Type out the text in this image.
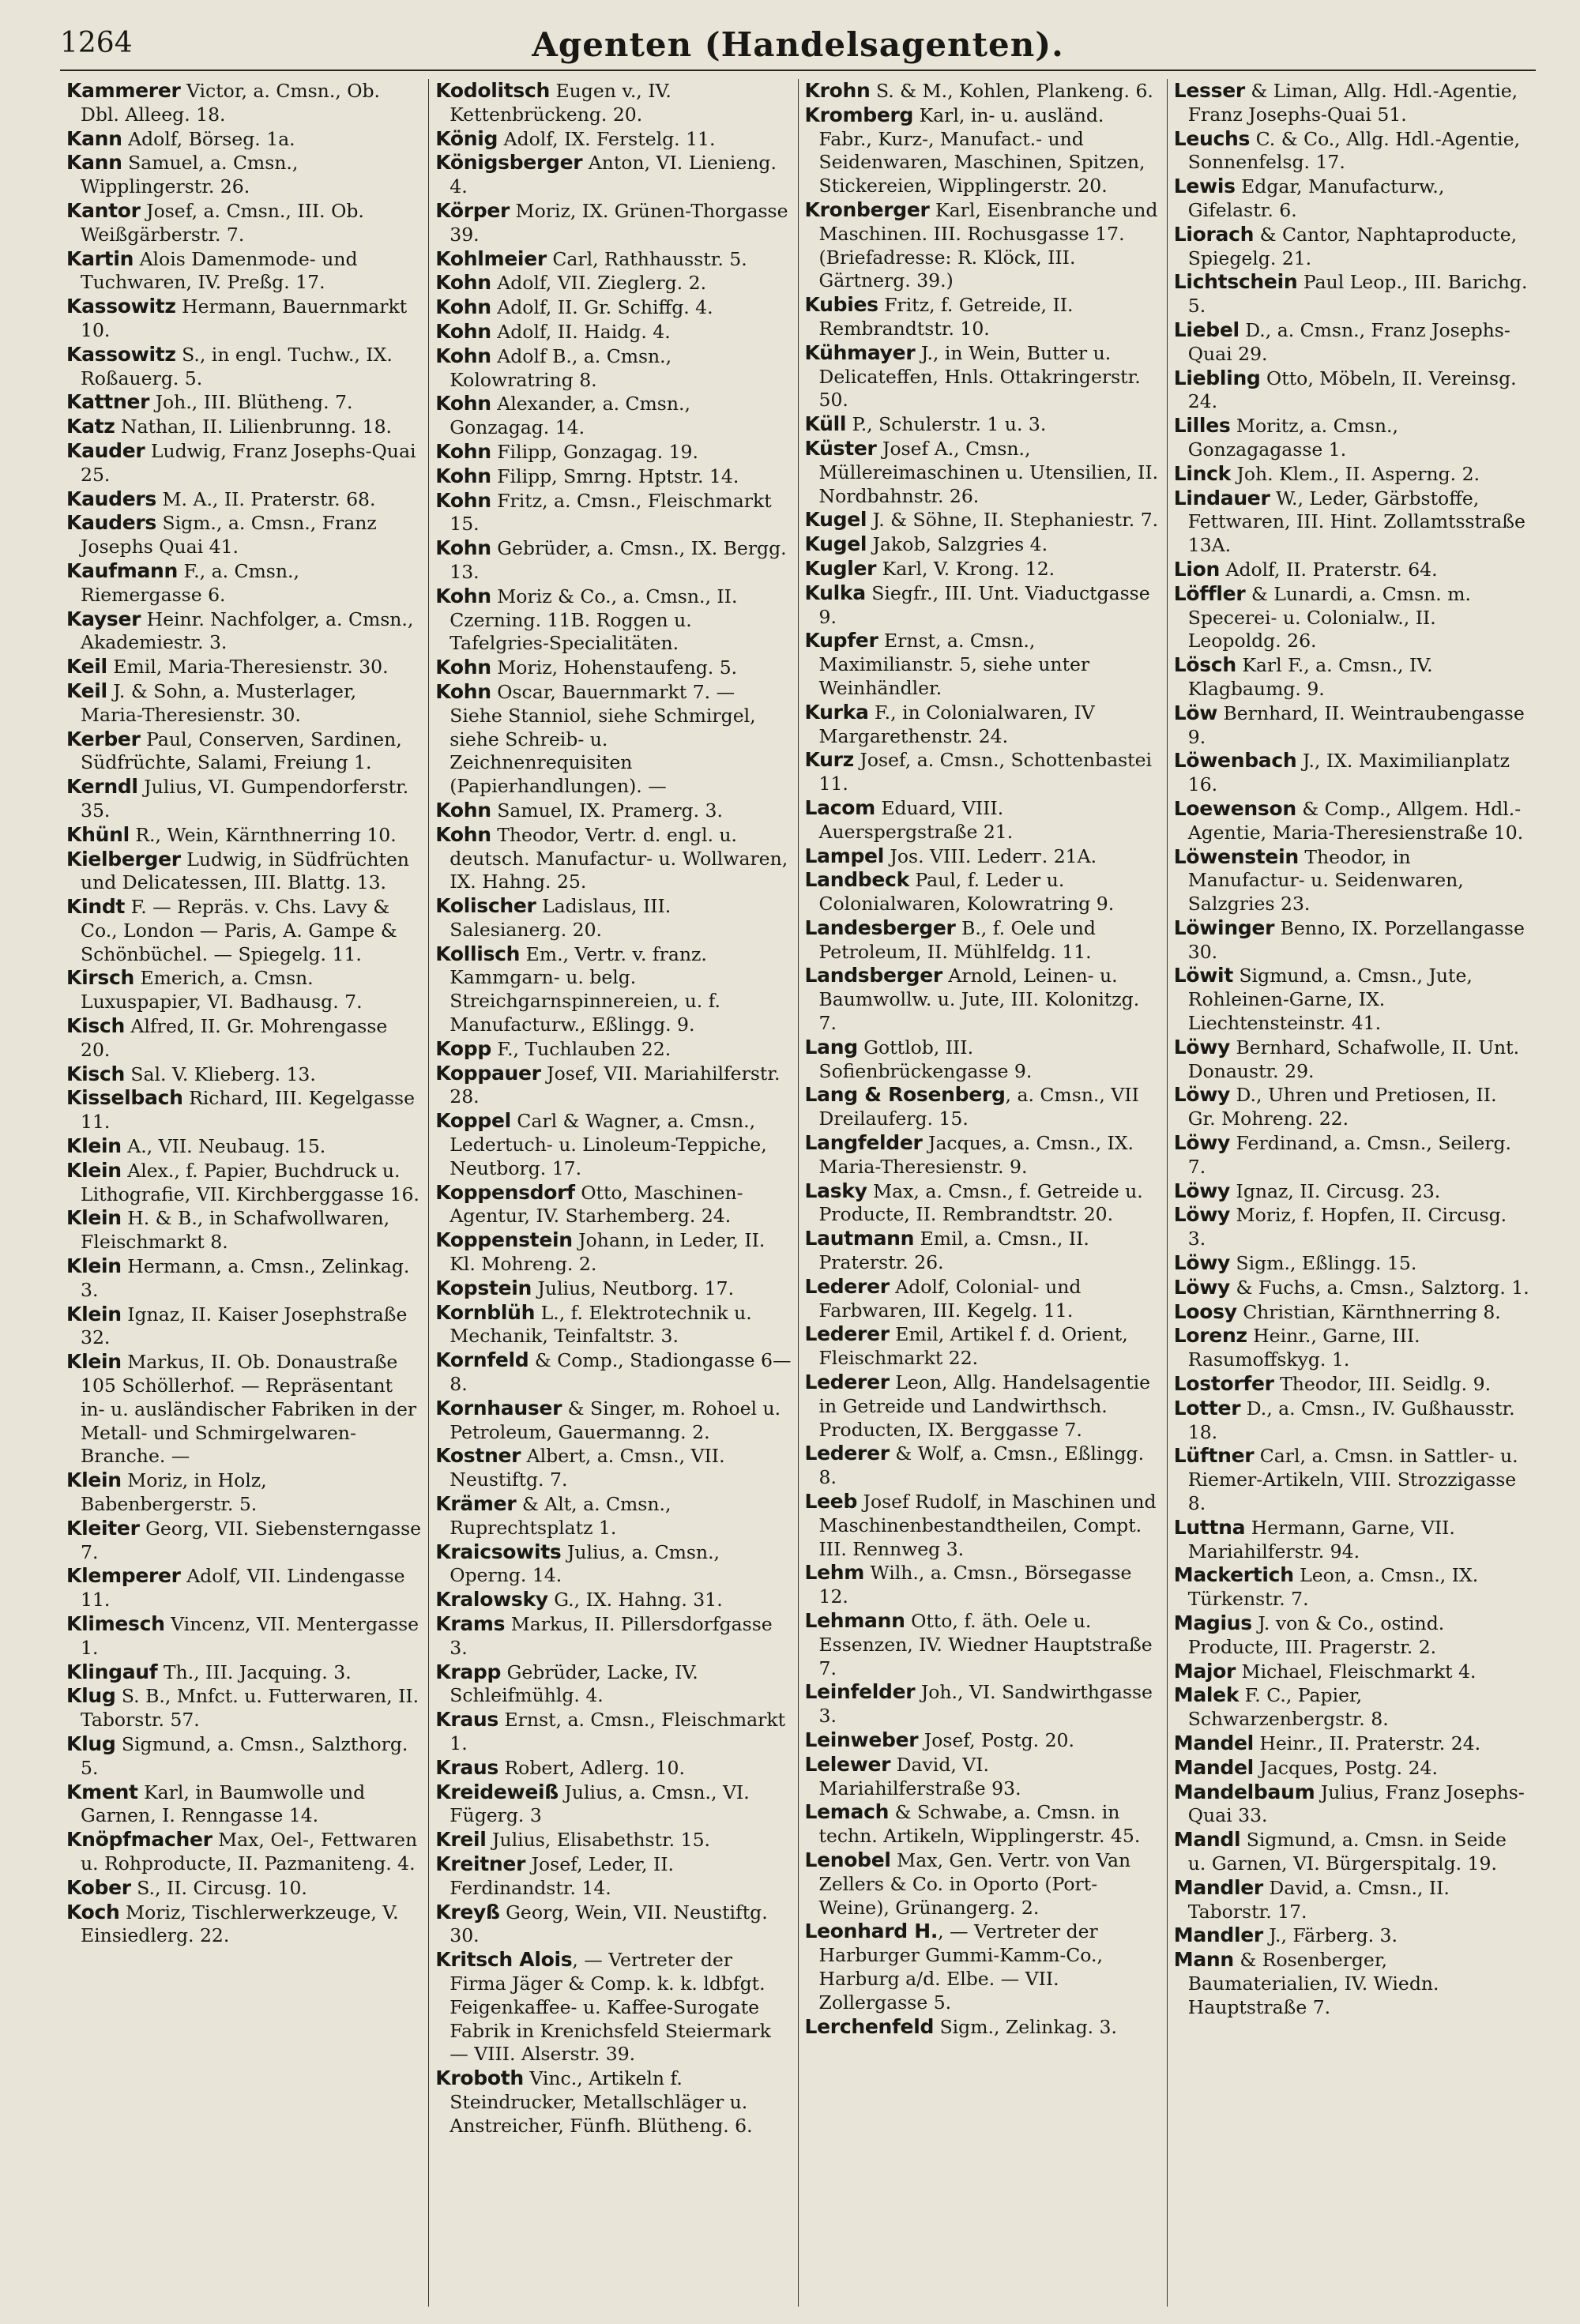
1264	Agenten (Handelsagenten).

Kammerer Victor, a. Cmsn., Ob. Dbl. Alleeg. 18.

Kann Adolf, Börseg. 1a.

Kann Samuel, a. Cmsn., Wipplingerstr. 26.

Kantor Josef, a. Cmsn., III. Ob. Weißgärberstr. 7.

Kartin Alois Damenmode- und Tuchwaren, IV. Preßg. 17.

Kassowitz Hermann, Bauernmarkt 10.

Kassowitz S., in engl. Tuchw., IX. Roßauerg. 5.

Kattner Joh., III. Blütheng. 7.

Katz Nathan, II. Lilienbrunng. 18.

Kauder Ludwig, Franz Josephs-Quai 25.

Kauders M. A., II. Praterstr. 68.

Kauders Sigm., a. Cmsn., Franz Josephs Quai 41.

Kaufmann F., a. Cmsn., Riemergasse 6.

Kayser Heinr. Nachfolger, a. Cmsn., Akademiestr. 3.

Keil Emil, Maria-Theresienstr. 30.

Keil J. & Sohn, a. Musterlager, Maria-Theresienstr. 30.

Kerber Paul, Conserven, Sardinen, Südfrüchte, Salami, Freiung 1.

Kerndl Julius, VI. Gumpendorferstr. 35.

Khünl R., Wein, Kärnthnerring 10.

Kielberger Ludwig, in Südfrüchten und Delicatessen, III. Blattg. 13.

Kindt F. — Repräs. v. Chs. Lavy & Co., London — Paris, A. Gampe & Schönbüchel. — Spiegelg. 11.

Kirsch Emerich, a. Cmsn. Luxuspapier, VI. Badhausg. 7.

Kisch Alfred, II. Gr. Mohrengasse 20.

Kisch Sal. V. Klieberg. 13.

Kisselbach Richard, III. Kegelgasse 11.

Klein A., VII. Neubaug. 15.

Klein Alex., f. Papier, Buchdruck u. Lithografie, VII. Kirchberggasse 16.

Klein H. & B., in Schafwollwaren, Fleischmarkt 8.

Klein Hermann, a. Cmsn., Zelinkag. 3.

Klein Ignaz, II. Kaiser Josephstraße 32.

Klein Markus, II. Ob. Donaustraße 105 Schöllerhof. — Repräsentant in- u. ausländischer Fabriken in der Metall- und Schmirgelwaren-Branche. —

Klein Moriz, in Holz, Babenbergerstr. 5.

Kleiter Georg, VII. Siebensterngasse 7.

Klemperer Adolf, VII. Lindengasse 11.

Klimesch Vincenz, VII. Mentergasse 1.

Klingauf Th., III. Jacquing. 3.

Klug S. B., Mnfct. u. Futterwaren, II. Taborstr. 57.

Klug Sigmund, a. Cmsn., Salzthorg. 5.

Kment Karl, in Baumwolle und Garnen, I. Renngasse 14.

Knöpfmacher Max, Oel-, Fettwaren u. Rohproducte, II. Pazmanitеng. 4.

Kober S., II. Circusg. 10.

Koch Moriz, Tischlerwerkzeuge, V. Einsiedlerg. 22.

Kodolitsch Eugen v., IV. Kettenbrückeng. 20.

König Adolf, IX. Ferstelg. 11.

Königsberger Anton, VI. Lienieng. 4.

Körper Moriz, IX. Grünen-Thorgasse 39.

Kohlmeier Carl, Rathhausstr. 5.

Kohn Adolf, VII. Zieglerg. 2.

Kohn Adolf, II. Gr. Schiffg. 4.

Kohn Adolf, II. Haidg. 4.

Kohn Adolf B., a. Cmsn., Kolowratring 8.

Kohn Alexander, a. Cmsn., Gonzagag. 14.

Kohn Filipp, Gonzagag. 19.

Kohn Filipp, Smrng. Hptstr. 14.

Kohn Fritz, a. Cmsn., Fleischmarkt 15.

Kohn Gebrüder, a. Cmsn., IX. Bergg. 13.

Kohn Moriz & Co., a. Cmsn., II. Czerning. 11B. Roggen u. Tafelgries-Specialitäten.

Kohn Moriz, Hohenstaufeng. 5.

Kohn Oscar, Bauernmarkt 7. — Siehe Stanniol, siehe Schmirgel, siehe Schreib- u. Zeichnenrequisiten (Papierhandlungen). —

Kohn Samuel, IX. Pramerg. 3.

Kohn Theodor, Vertr. d. engl. u. deutsch. Manufactur- u. Wollwaren, IX. Hahng. 25.

Kolischer Ladislaus, III. Salesianerg. 20.

Kollisch Em., Vertr. v. franz. Kammgarn- u. belg. Streichgarnspinnereien, u. f. Manufacturw., Eßlingg. 9.

Kopp F., Tuchlauben 22.

Koppauer Josef, VII. Mariahilferstr. 28.

Koppel Carl & Wagner, a. Cmsn., Ledertuch- u. Linoleum-Teppiche, Neutborg. 17.

Koppensdorf Otto, Maschinen-Agentur, IV. Starhemberg. 24.

Koppenstein Johann, in Leder, II. Kl. Mohreng. 2.

Kopstein Julius, Neutborg. 17.

Kornblüh L., f. Elektrotechnik u. Mechanik, Teinfaltstr. 3.

Kornfeld & Comp., Stadiongasse 6—8.

Kornhauser & Singer, m. Rohoel u. Petroleum, Gauermanng. 2.

Kostner Albert, a. Cmsn., VII. Neustiftg. 7.

Krämer & Alt, a. Cmsn., Ruprechtsplatz 1.

Kraicsowits Julius, a. Cmsn., Operng. 14.

Kralowsky G., IX. Hahng. 31.

Krams Markus, II. Pillersdorfgasse 3.

Krapp Gebrüder, Lacke, IV. Schleifmühlg. 4.

Kraus Ernst, a. Cmsn., Fleischmarkt 1.

Kraus Robert, Adlerg. 10.

Kreideweiß Julius, a. Cmsn., VI. Fügerg. 3

Kreil Julius, Elisabethstr. 15.

Kreitner Josef, Leder, II. Ferdinandstr. 14.

Kreyß Georg, Wein, VII. Neustiftg. 30.

Kritsch Alois, — Vertreter der Firma Jäger & Comp. k. k. ldbfgt. Feigenkaffee- u. Kaffee-Surogate Fabrik in Krenichsfeld Steiermark — VIII. Alserstr. 39.

Kroboth Vinc., Artikeln f. Steindrucker, Metallschläger u. Anstreicher, Fünfh. Blütheng. 6.

Krohn S. & M., Kohlen, Plankeng. 6.

Kromberg Karl, in- u. ausländ. Fabr., Kurz-, Manufact.- und Seidenwaren, Maschinen, Spitzen, Stickereien, Wipplingerstr. 20.

Kronberger Karl, Eisenbranche und Maschinen. III. Rochusgasse 17. (Briefadresse: R. Klöck, III. Gärtnerg. 39.)

Kubies Fritz, f. Getreide, II. Rembrandtstr. 10.

Kühmayer J., in Wein, Butter u. Delicateffen, Hnls. Ottakringerstr. 50.

Küll P., Schulerstr. 1 u. 3.

Küster Josef A., Cmsn., Müllereimaschinen u. Utensilien, II. Nordbahnstr. 26.

Kugel J. & Söhne, II. Stephaniestr. 7.

Kugel Jakob, Salzgries 4.

Kugler Karl, V. Krong. 12.

Kulka Siegfr., III. Unt. Viaductgasse 9.

Kupfer Ernst, a. Cmsn., Maximilianstr. 5, siehe unter Weinhändler.

Kurka F., in Colonialwaren, IV Margarethenstr. 24.

Kurz Josef, a. Cmsn., Schottenbastei 11.

Lacom Eduard, VIII. Auerspergstraße 21.

Lampel Jos. VIII. Lederг. 21A.

Landbeck Paul, f. Leder u. Colonialwaren, Kolowratring 9.

Landesberger B., f. Oele und Petroleum, II. Mühlfeldg. 11.

Landsberger Arnold, Leinen- u. Baumwollw. u. Jute, III. Kolonitzg. 7.

Lang Gottlob, III. Sofienbrückengasse 9.

Lang & Rosenberg, a. Cmsn., VII Dreilauferg. 15.

Langfelder Jacques, a. Cmsn., IX. Maria-Theresienstr. 9.

Lasky Max, a. Cmsn., f. Getreide u. Producte, II. Rembrandtstr. 20.

Lautmann Emil, a. Cmsn., II. Praterstr. 26.

Lederer Adolf, Colonial- und Farbwaren, III. Kegelg. 11.

Lederer Emil, Artikel f. d. Orient, Fleischmarkt 22.

Lederer Leon, Allg. Handelsagentie in Getreide und Landwirthsch. Producten, IX. Berggasse 7.

Lederer & Wolf, a. Cmsn., Eßlingg. 8.

Leeb Josef Rudolf, in Maschinen und Maschinenbestandtheilen, Compt. III. Rennweg 3.

Lehm Wilh., a. Cmsn., Börsegasse 12.

Lehmann Otto, f. äth. Oele u. Essenzen, IV. Wiedner Hauptstraße 7.

Leinfelder Joh., VI. Sandwirthgasse 3.

Leinweber Josef, Postg. 20.

Lelewer David, VI. Mariahilferstraße 93.

Lemach & Schwabe, a. Cmsn. in techn. Artikeln, Wipplingerstr. 45.

Lenobel Max, Gen. Vertr. von Van Zellers & Co. in Oporto (Port-Weine), Grünangerg. 2.

Leonhard H., — Vertreter der Harburger Gummi-Kamm-Co., Harburg a/d. Elbe. — VII. Zollergasse 5.

Lerchenfeld Sigm., Zelinkag. 3.

Lesser & Liman, Allg. Hdl.-Agentie, Franz Josephs-Quai 51.

Leuchs C. & Co., Allg. Hdl.-Agentie, Sonnenfelsg. 17.

Lewis Edgar, Manufacturw., Gifelastr. 6.

Liorach & Cantor, Naphtaproducte, Spiegelg. 21.

Lichtschein Paul Leop., III. Barichg. 5.

Liebel D., a. Cmsn., Franz Josephs-Quai 29.

Liebling Otto, Möbeln, II. Vereinsg. 24.

Lilles Moritz, a. Cmsn., Gonzagagasse 1.

Linck Joh. Klem., II. Asperng. 2.

Lindauer W., Leder, Gärbstoffe, Fettwaren, III. Hint. Zollamtsstraße 13A.

Lion Adolf, II. Praterstr. 64.

Löffler & Lunardi, a. Cmsn. m. Specerei- u. Colonialw., II. Leopoldg. 26.

Lösch Karl F., a. Cmsn., IV. Klagbaumg. 9.

Löw Bernhard, II. Weintraubengasse 9.

Löwenbach J., IX. Maximilianplatz 16.

Loewenson & Comp., Allgem. Hdl.-Agentie, Maria-Theresienstraße 10.

Löwenstein Theodor, in Manufactur- u. Seidenwaren, Salzgries 23.

Löwinger Benno, IX. Porzellangasse 30.

Löwit Sigmund, a. Cmsn., Jute, Rohleinen-Garne, IX. Liechtensteinstr. 41.

Löwy Bernhard, Schafwolle, II. Unt. Donaustr. 29.

Löwy D., Uhren und Pretiosen, II. Gr. Mohreng. 22.

Löwy Ferdinand, a. Cmsn., Seilerg. 7.

Löwy Ignaz, II. Circusg. 23.

Löwy Moriz, f. Hopfen, II. Circusg. 3.

Löwy Sigm., Eßlingg. 15.

Löwy & Fuchs, a. Cmsn., Salztorg. 1.

Loosy Christian, Kärnthnerring 8.

Lorenz Heinr., Garne, III. Rasumoffskyg. 1.

Lostorfer Theodor, III. Seidlg. 9.

Lotter D., a. Cmsn., IV. Gußhausstr. 18.

Lüftner Carl, a. Cmsn. in Sattler- u. Riemer-Artikeln, VIII. Strozzigasse 8.

Luttna Hermann, Garne, VII. Mariahilferstr. 94.

Mackertich Leon, a. Cmsn., IX. Türkenstr. 7.

Magius J. von & Co., ostind. Producte, III. Pragerstr. 2.

Major Michael, Fleischmarkt 4.

Malek F. C., Papier, Schwarzenbergstr. 8.

Mandel Heinr., II. Praterstr. 24.

Mandel Jacques, Postg. 24.

Mandelbaum Julius, Franz Josephs-Quai 33.

Mandl Sigmund, a. Cmsn. in Seide u. Garnen, VI. Bürgerspitalg. 19.

Mandler David, a. Cmsn., II. Taborstr. 17.

Mandler J., Färberg. 3.

Mann & Rosenberger, Baumaterialien, IV. Wiedn. Hauptstraße 7.
